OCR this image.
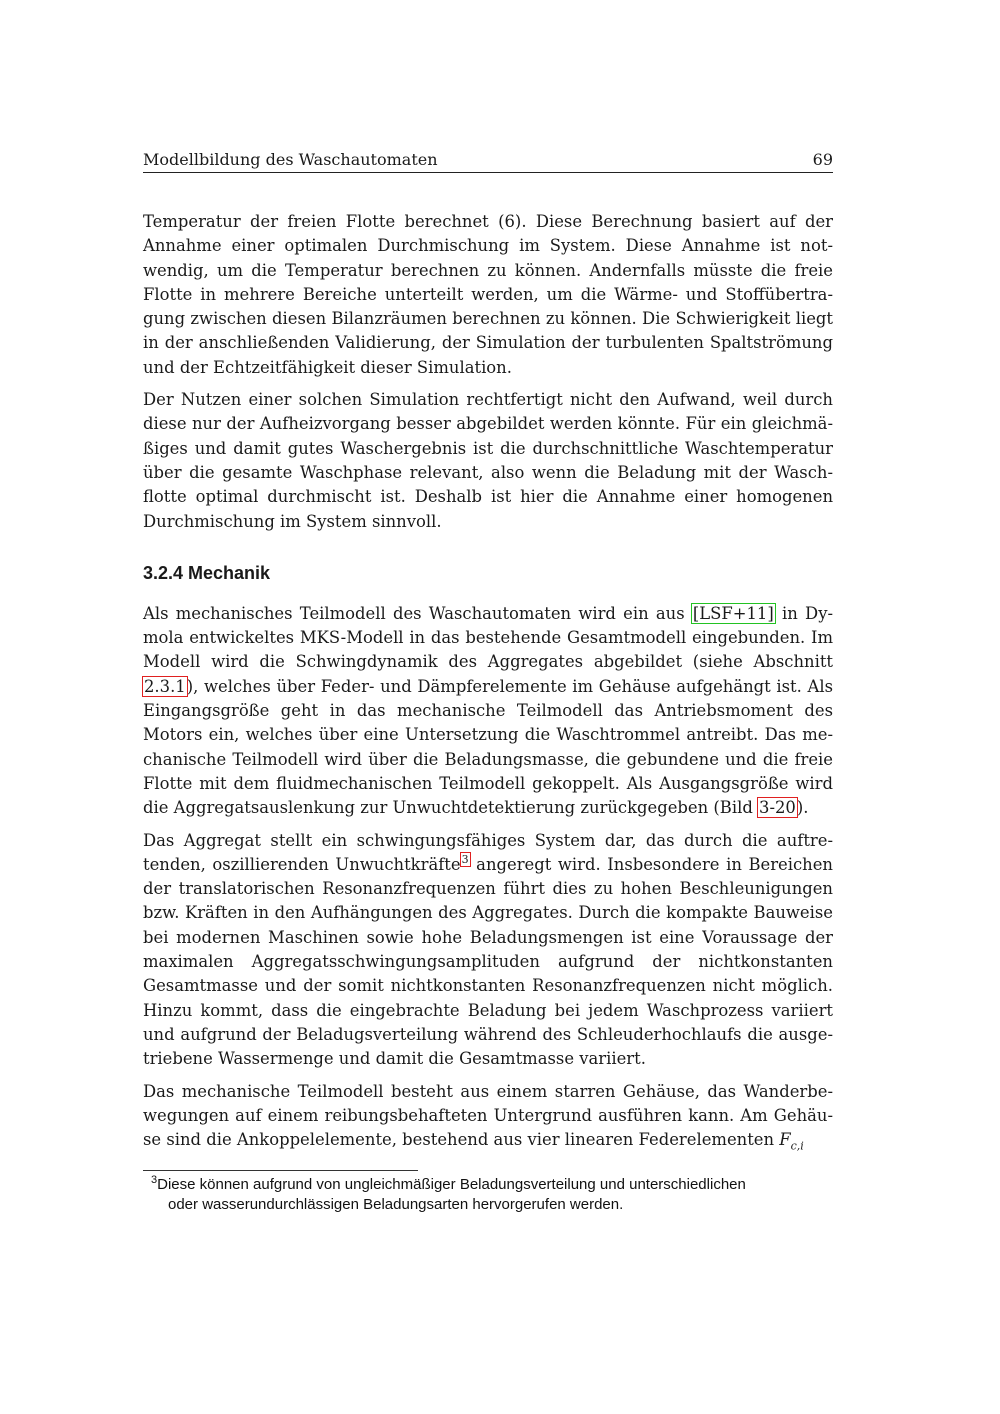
Modellbildung des Waschautomaten	69

Temperatur der freien Flotte berechnet (6). Diese Berechnung basiert auf der Annahme einer optimalen Durchmischung im System. Diese Annahme ist notwendig, um die Temperatur berechnen zu können. Andernfalls müsste die freie Flotte in mehrere Bereiche unterteilt werden, um die Wärme- und Stoffübertragung zwischen diesen Bilanzräumen berechnen zu können. Die Schwierigkeit liegt in der anschließenden Validierung, der Simulation der turbulenten Spaltströmung und der Echtzeitfähigkeit dieser Simulation.

Der Nutzen einer solchen Simulation rechtfertigt nicht den Aufwand, weil durch diese nur der Aufheizvorgang besser abgebildet werden könnte. Für ein gleichmäßiges und damit gutes Waschergebnis ist die durchschnittliche Waschtemperatur über die gesamte Waschphase relevant, also wenn die Beladung mit der Waschflotte optimal durchmischt ist. Deshalb ist hier die Annahme einer homogenen Durchmischung im System sinnvoll.

3.2.4 Mechanik

Als mechanisches Teilmodell des Waschautomaten wird ein aus [LSF+11] in Dymola entwickeltes MKS-Modell in das bestehende Gesamtmodell eingebunden. Im Modell wird die Schwingdynamik des Aggregates abgebildet (siehe Abschnitt 2.3.1), welches über Feder- und Dämpferelemente im Gehäuse aufgehängt ist. Als Eingangsgröße geht in das mechanische Teilmodell das Antriebsmoment des Motors ein, welches über eine Untersetzung die Waschtrommel antreibt. Das mechanische Teilmodell wird über die Beladungsmasse, die gebundene und die freie Flotte mit dem fluidmechanischen Teilmodell gekoppelt. Als Ausgangsgröße wird die Aggregatsauslenkung zur Unwuchtdetektierung zurückgegeben (Bild 3-20).

Das Aggregat stellt ein schwingungsfähiges System dar, das durch die auftretenden, oszillierenden Unwuchtkräfte$^3$ angeregt wird. Insbesondere in Bereichen der translatorischen Resonanzfrequenzen führt dies zu hohen Beschleunigungen bzw. Kräften in den Aufhängungen des Aggregates. Durch die kompakte Bauweise bei modernen Maschinen sowie hohe Beladungsmengen ist eine Voraussage der maximalen Aggregatsschwingungsamplituden aufgrund der nichtkonstanten Gesamtmasse und der somit nichtkonstanten Resonanzfrequenzen nicht möglich. Hinzu kommt, dass die eingebrachte Beladung bei jedem Waschprozess variiert und aufgrund der Beladugsverteilung während des Schleuderhochlaufs die ausgetriebene Wassermenge und damit die Gesamtmasse variiert.

Das mechanische Teilmodell besteht aus einem starren Gehäuse, das Wanderbewegungen auf einem reibungsbehafteten Untergrund ausführen kann. Am Gehäuse sind die Ankoppelelemente, bestehend aus vier linearen Federelementen $F_{c,i}$

$^3$Diese können aufgrund von ungleichmäßiger Beladungsverteilung und unterschiedlichen
oder wasserundurchlässigen Beladungsarten hervorgerufen werden.
